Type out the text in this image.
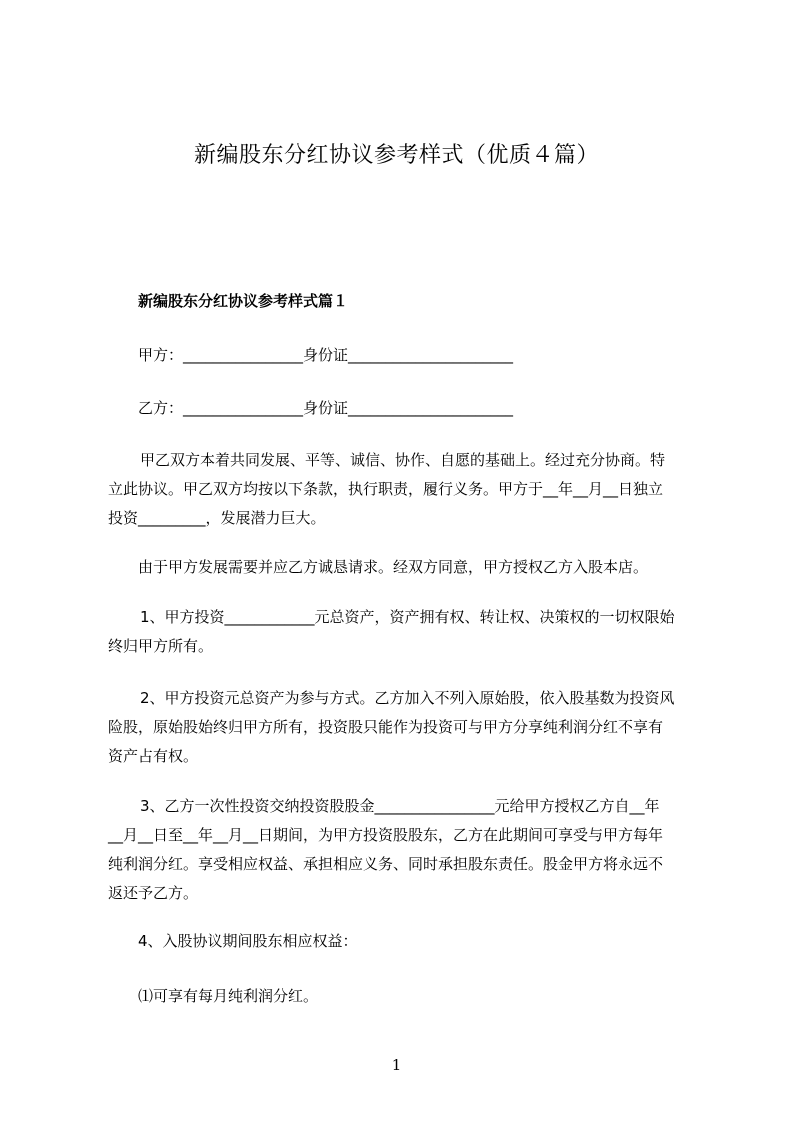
新编股东分红协议参考样式（优质４篇）
新编股东分红协议参考样式篇１
甲方：________________身份证______________________
乙方：________________身份证______________________
甲乙双方本着共同发展、平等、诚信、协作、自愿的基础上。经过充分协商。特
立此协议。甲乙双方均按以下条款，执行职责，履行义务。甲方于__年__月__日独立
投资_________，发展潜力巨大。
由于甲方发展需要并应乙方诚恳请求。经双方同意，甲方授权乙方入股本店。
1、甲方投资____________元总资产，资产拥有权、转让权、决策权的一切权限始
终归甲方所有。
2、甲方投资元总资产为参与方式。乙方加入不列入原始股，依入股基数为投资风
险股，原始股始终归甲方所有，投资股只能作为投资可与甲方分享纯利润分红不享有
资产占有权。
3、乙方一次性投资交纳投资股股金________________元给甲方授权乙方自__年
__月__日至__年__月__日期间，为甲方投资股股东，乙方在此期间可享受与甲方每年
纯利润分红。享受相应权益、承担相应义务、同时承担股东责任。股金甲方将永远不
返还予乙方。
4、入股协议期间股东相应权益：
⑴可享有每月纯利润分红。
1
